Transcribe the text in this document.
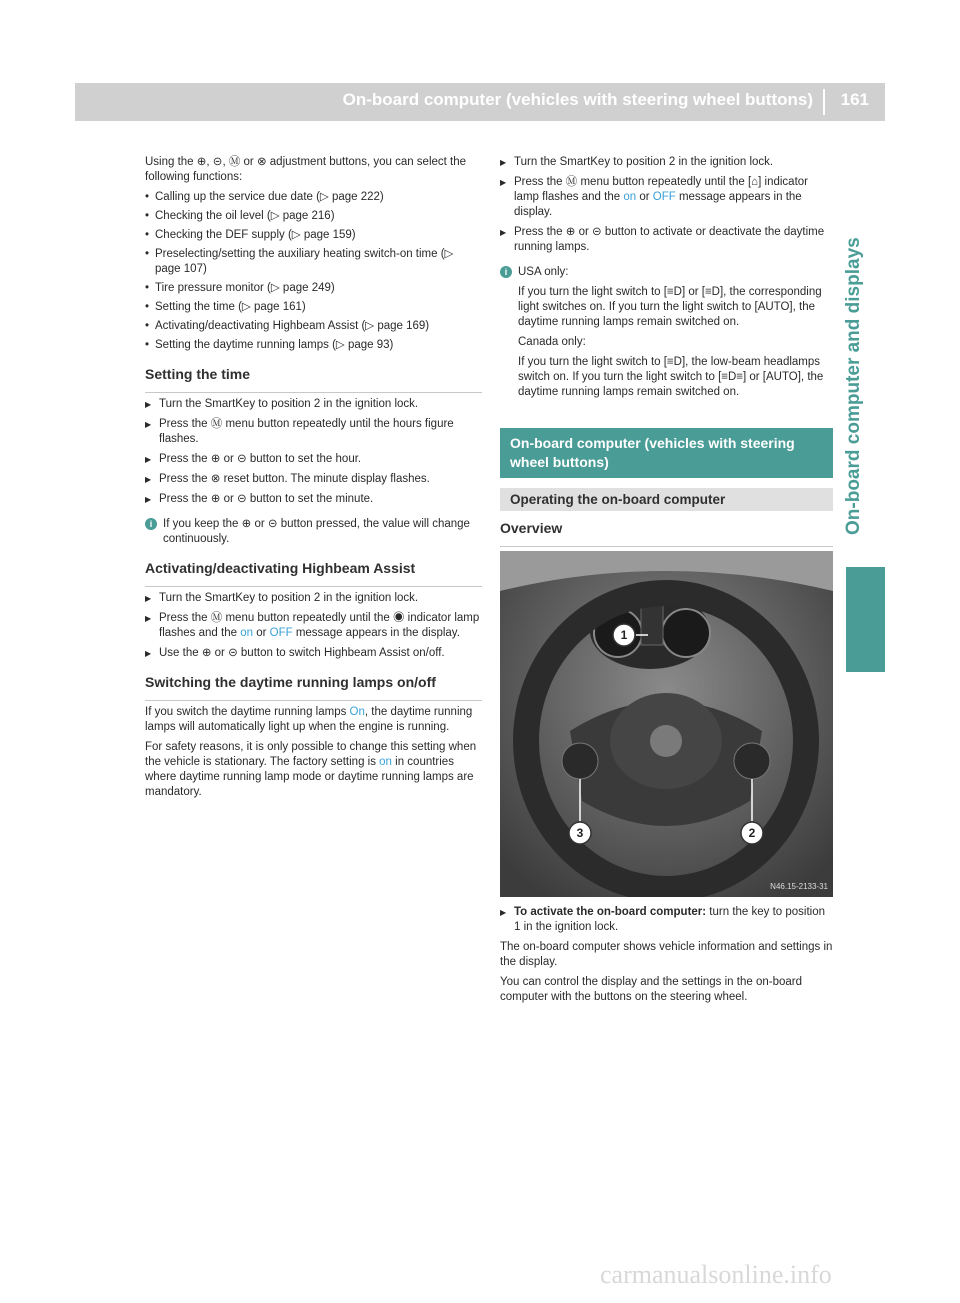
On-board computer (vehicles with steering wheel buttons) 161
On-board computer and displays

Using the ⊕, ⊝, Ⓜ or ⊗ adjustment buttons, you can select the following functions:

• Calling up the service due date (▷ page 222)
• Checking the oil level (▷ page 216)
• Checking the DEF supply (▷ page 159)
• Preselecting/setting the auxiliary heating switch-on time (▷ page 107)
• Tire pressure monitor (▷ page 249)
• Setting the time (▷ page 161)
• Activating/deactivating Highbeam Assist (▷ page 169)
• Setting the daytime running lamps (▷ page 93)
Setting the time
▶ Turn the SmartKey to position 2 in the ignition lock.
▶ Press the Ⓜ menu button repeatedly until the hours figure flashes.
▶ Press the ⊕ or ⊝ button to set the hour.
▶ Press the ⊗ reset button. The minute display flashes.
▶ Press the ⊕ or ⊝ button to set the minute.
i If you keep the ⊕ or ⊝ button pressed, the value will change continuously.
Activating/deactivating Highbeam Assist
▶ Turn the SmartKey to position 2 in the ignition lock.
▶ Press the Ⓜ menu button repeatedly until the ◉ indicator lamp flashes and the on or OFF message appears in the display.
▶ Use the ⊕ or ⊝ button to switch Highbeam Assist on/off.
Switching the daytime running lamps on/off

If you switch the daytime running lamps On, the daytime running lamps will automatically light up when the engine is running.

For safety reasons, it is only possible to change this setting when the vehicle is stationary. The factory setting is on in countries where daytime running lamp mode or daytime running lamps are mandatory.

▶ Turn the SmartKey to position 2 in the ignition lock.
▶ Press the Ⓜ menu button repeatedly until the [⌂] indicator lamp flashes and the on or OFF message appears in the display.
▶ Press the ⊕ or ⊝ button to activate or deactivate the daytime running lamps.
i USA only:

If you turn the light switch to [≡D] or [≡D], the corresponding light switches on. If you turn the light switch to [AUTO], the daytime running lamps remain switched on.

Canada only:

If you turn the light switch to [≡D], the low-beam headlamps switch on. If you turn the light switch to [≡D≡] or [AUTO], the daytime running lamps remain switched on.

On-board computer (vehicles with steering wheel buttons)
Operating the on-board computer
Overview
1
2
3
N46.15-2133-31
▶ To activate the on-board computer: turn the key to position 1 in the ignition lock.

The on-board computer shows vehicle information and settings in the display.

You can control the display and the settings in the on-board computer with the buttons on the steering wheel.

carmanualsonline.info
